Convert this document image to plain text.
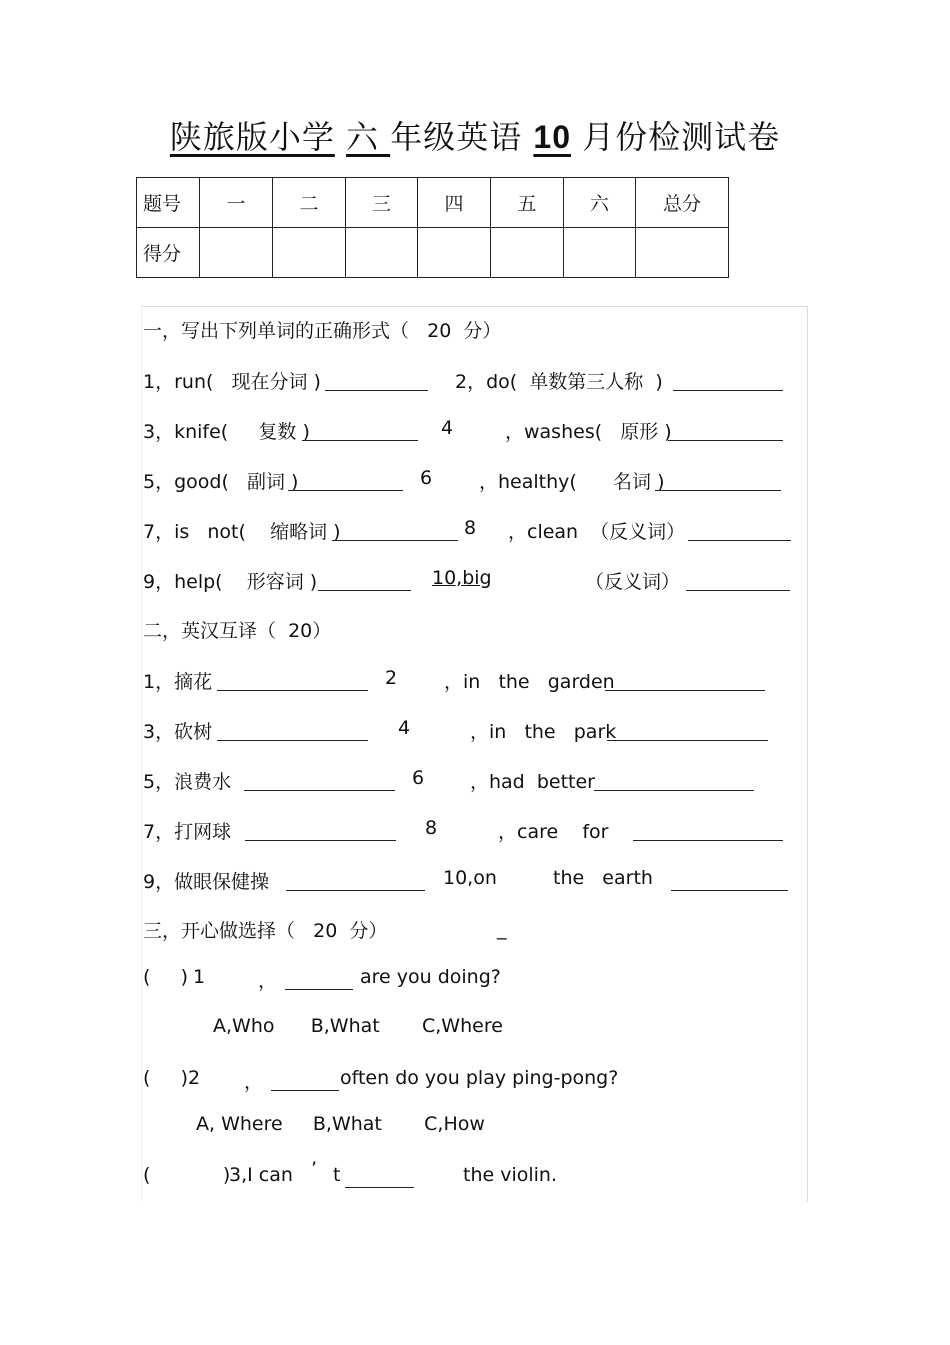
陕旅版小学 六 年级英语 10 月份检测试卷
题号	一	二	三	四	五	六	总分
得分							
一，写出下列单词的正确形式（   20  分）
1，run(   现在分词 )	2，do(  单数第三人称  )
3，knife(     复数 )	4	，washes(   原形 )
5，good(   副词 )	6 ，healthy(      名词 )
7，is   not(    缩略词 )	8 ，clean  （反义词）
9，help(    形容词 )	10,big	（反义词）
二，英汉互译（  20）
1，摘花	2 ，in   the   garden
3，砍树	4	，in   the   park
5，浪费水	6 ，had  better
7，打网球	8	，care    for
9，做眼保健操	10,on	the   earth
三，开心做选择（   20  分）	_
(     ) 1	，	are you doing?
A,Who      B,What       C,Where
(     ) 2 ，	often do you play ping-pong?
A, Where     B,What       C,How
(            )
3,I can ’ t	the violin.
